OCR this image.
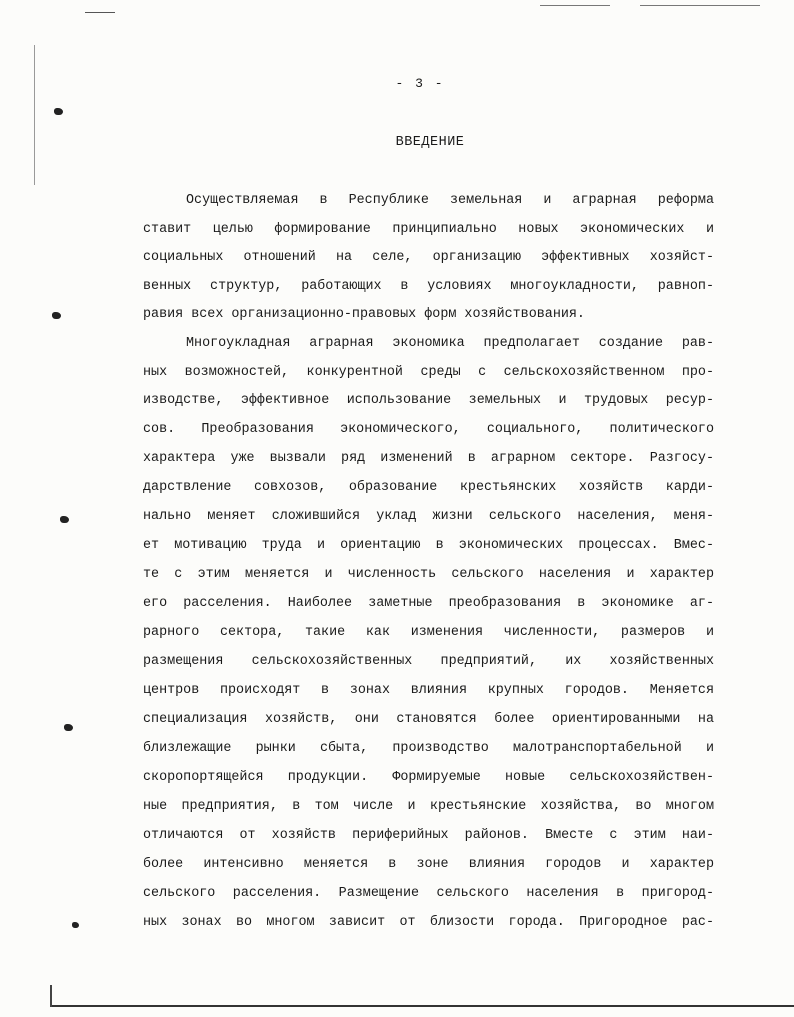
- 3 -
ВВЕДЕНИЕ
Осуществляемая в Республике земельная и аграрная реформа
ставит целью формирование принципиально новых экономических и
социальных отношений на селе, организацию эффективных хозяйст-
венных структур, работающих в условиях многоукладности, равноп-
равия всех организационно-правовых форм хозяйствования.
Многоукладная аграрная экономика предполагает создание рав-
ных возможностей, конкурентной среды с сельскохозяйственном про-
изводстве, эффективное использование земельных и трудовых ресур-
сов. Преобразования экономического, социального, политического
характера уже вызвали ряд изменений в аграрном секторе. Разгосу-
дарствление совхозов, образование крестьянских хозяйств карди-
нально меняет сложившийся уклад жизни сельского населения, меня-
ет мотивацию труда и ориентацию в экономических процессах. Вмес-
те с этим меняется и численность сельского населения и характер
его расселения. Наиболее заметные преобразования в экономике аг-
рарного сектора, такие как изменения численности, размеров и
размещения сельскохозяйственных предприятий, их хозяйственных
центров происходят в зонах влияния крупных городов. Меняется
специализация хозяйств, они становятся более ориентированными на
близлежащие рынки сбыта, производство малотранспортабельной и
скоропортящейся продукции. Формируемые новые сельскохозяйствен-
ные предприятия, в том числе и крестьянские хозяйства, во многом
отличаются от хозяйств периферийных районов. Вместе с этим наи-
более интенсивно меняется в зоне влияния городов и характер
сельского расселения. Размещение сельского населения в пригород-
ных зонах во многом зависит от близости города. Пригородное рас-
